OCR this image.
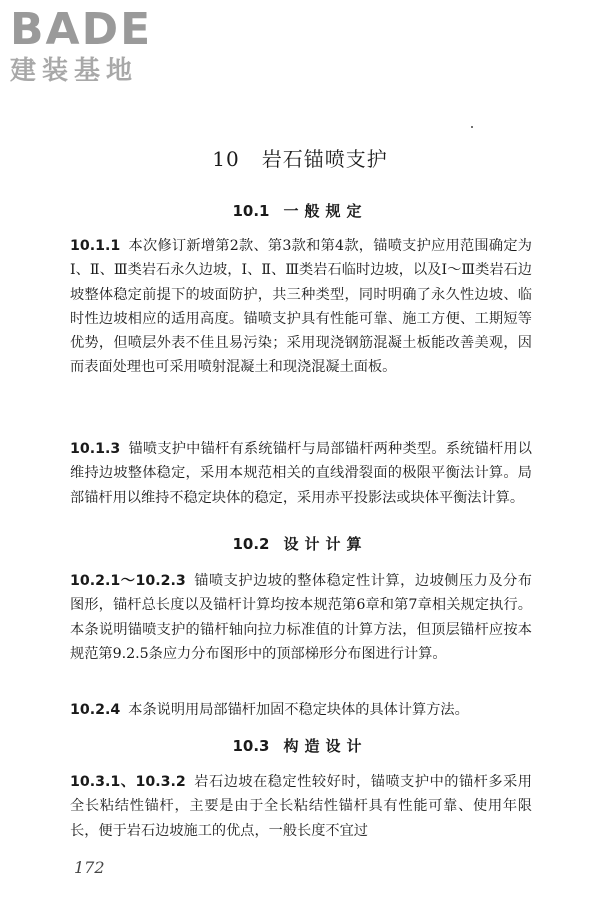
BADE
建装基地
10 岩石锚喷支护
10.1 一般规定
10.1.1 本次修订新增第2款、第3款和第4款，锚喷支护应用范围确定为Ⅰ、Ⅱ、Ⅲ类岩石永久边坡，Ⅰ、Ⅱ、Ⅲ类岩石临时边坡，以及Ⅰ～Ⅲ类岩石边坡整体稳定前提下的坡面防护，共三种类型，同时明确了永久性边坡、临时性边坡相应的适用高度。锚喷支护具有性能可靠、施工方便、工期短等优势，但喷层外表不佳且易污染；采用现浇钢筋混凝土板能改善美观，因而表面处理也可采用喷射混凝土和现浇混凝土面板。
10.1.3 锚喷支护中锚杆有系统锚杆与局部锚杆两种类型。系统锚杆用以维持边坡整体稳定，采用本规范相关的直线滑裂面的极限平衡法计算。局部锚杆用以维持不稳定块体的稳定，采用赤平投影法或块体平衡法计算。
10.2 设计计算
10.2.1～10.2.3 锚喷支护边坡的整体稳定性计算，边坡侧压力及分布图形，锚杆总长度以及锚杆计算均按本规范第6章和第7章相关规定执行。本条说明锚喷支护的锚杆轴向拉力标准值的计算方法，但顶层锚杆应按本规范第9.2.5条应力分布图形中的顶部梯形分布图进行计算。
10.2.4 本条说明用局部锚杆加固不稳定块体的具体计算方法。
10.3 构造设计
10.3.1、10.3.2 岩石边坡在稳定性较好时，锚喷支护中的锚杆多采用全长粘结性锚杆，主要是由于全长粘结性锚杆具有性能可靠、使用年限长，便于岩石边坡施工的优点，一般长度不宜过
172
